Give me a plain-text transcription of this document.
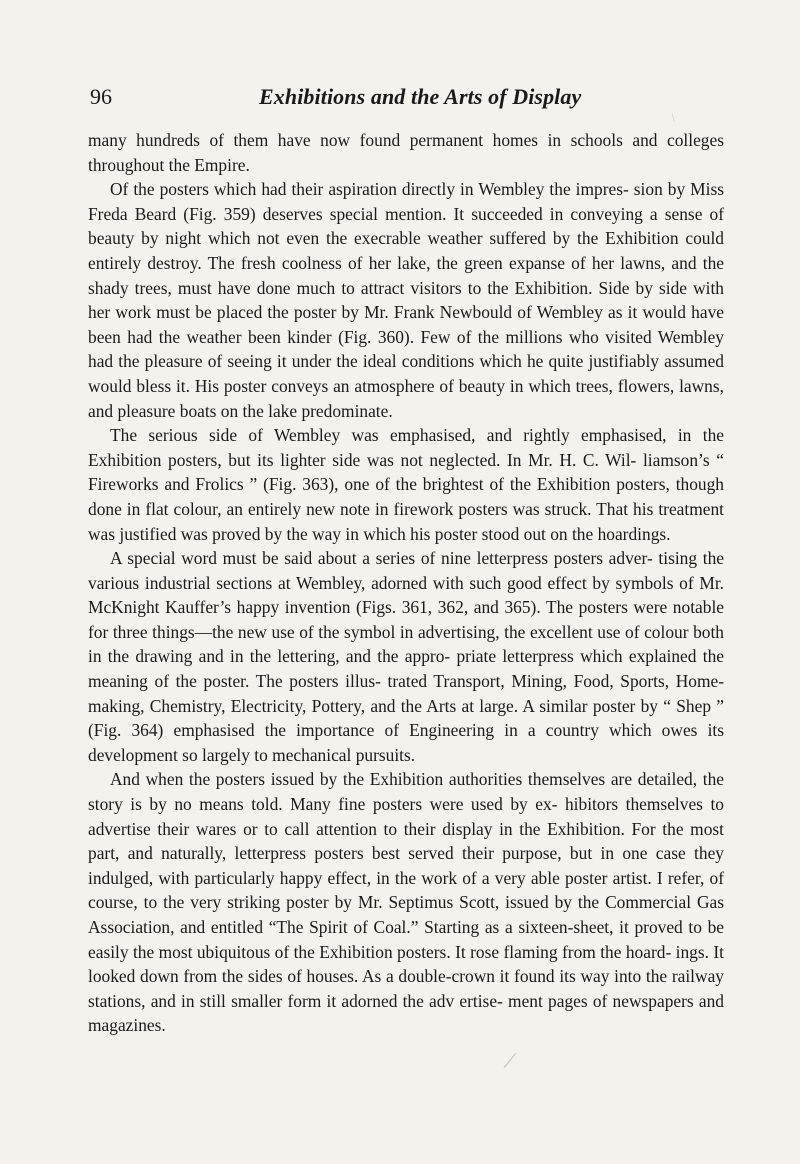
96	Exhibitions and the Arts of Display
/

many hundreds of them have now found permanent homes in schools and colleges throughout the Empire.

Of the posters which had their aspiration directly in Wembley the impres- sion by Miss Freda Beard (Fig. 359) deserves special mention. It succeeded in conveying a sense of beauty by night which not even the execrable weather suffered by the Exhibition could entirely destroy. The fresh coolness of her lake, the green expanse of her lawns, and the shady trees, must have done much to attract visitors to the Exhibition. Side by side with her work must be placed the poster by Mr. Frank Newbould of Wembley as it would have been had the weather been kinder (Fig. 360). Few of the millions who visited Wembley had the pleasure of seeing it under the ideal conditions which he quite justifiably assumed would bless it. His poster conveys an atmosphere of beauty in which trees, flowers, lawns, and pleasure boats on the lake predominate.

The serious side of Wembley was emphasised, and rightly emphasised, in the Exhibition posters, but its lighter side was not neglected. In Mr. H. C. Wil- liamson’s “ Fireworks and Frolics ” (Fig. 363), one of the brightest of the Exhibition posters, though done in flat colour, an entirely new note in firework posters was struck. That his treatment was justified was proved by the way in which his poster stood out on the hoardings.

A special word must be said about a series of nine letterpress posters adver- tising the various industrial sections at Wembley, adorned with such good effect by symbols of Mr. McKnight Kauffer’s happy invention (Figs. 361, 362, and 365). The posters were notable for three things—the new use of the symbol in advertising, the excellent use of colour both in the drawing and in the lettering, and the appro- priate letterpress which explained the meaning of the poster. The posters illus- trated Transport, Mining, Food, Sports, Home-making, Chemistry, Electricity, Pottery, and the Arts at large. A similar poster by “ Shep ” (Fig. 364) emphasised the importance of Engineering in a country which owes its development so largely to mechanical pursuits.

And when the posters issued by the Exhibition authorities themselves are detailed, the story is by no means told. Many fine posters were used by ex- hibitors themselves to advertise their wares or to call attention to their display in the Exhibition. For the most part, and naturally, letterpress posters best served their purpose, but in one case they indulged, with particularly happy effect, in the work of a very able poster artist. I refer, of course, to the very striking poster by Mr. Septimus Scott, issued by the Commercial Gas Association, and entitled “The Spirit of Coal.” Starting as a sixteen-sheet, it proved to be easily the most ubiquitous of the Exhibition posters. It rose flaming from the hoard- ings. It looked down from the sides of houses. As a double-crown it found its way into the railway stations, and in still smaller form it adorned the adv ertise- ment pages of newspapers and magazines.

/
